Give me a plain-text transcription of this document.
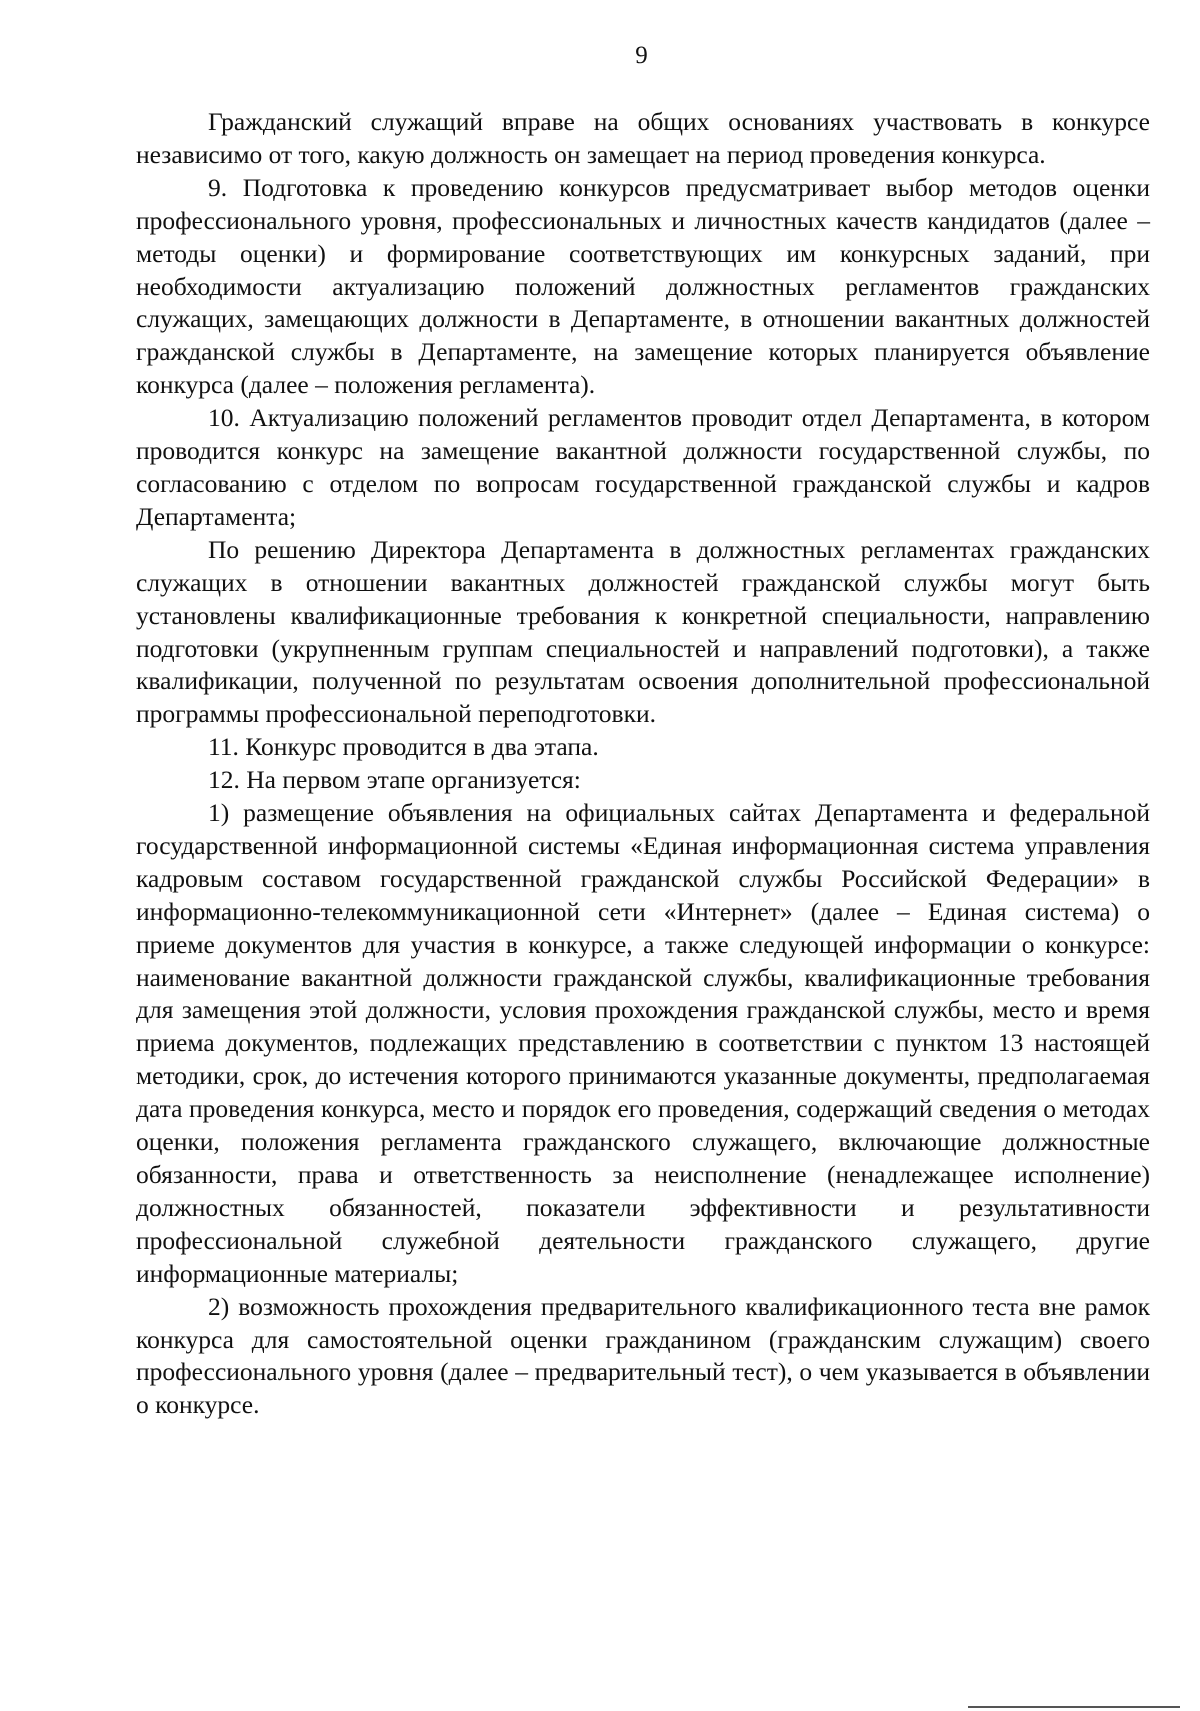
9

Гражданский служащий вправе на общих основаниях участвовать в конкурсе независимо от того, какую должность он замещает на период проведения конкурса.

9. Подготовка к проведению конкурсов предусматривает выбор методов оценки профессионального уровня, профессиональных и личностных качеств кандидатов (далее – методы оценки) и формирование соответствующих им конкурсных заданий, при необходимости актуализацию положений должностных регламентов гражданских служащих, замещающих должности в Департаменте, в отношении вакантных должностей гражданской службы в Департаменте, на замещение которых планируется объявление конкурса (далее – положения регламента).

10. Актуализацию положений регламентов проводит отдел Департамента, в котором проводится конкурс на замещение вакантной должности государственной службы, по согласованию с отделом по вопросам государственной гражданской службы и кадров Департамента;

По решению Директора Департамента в должностных регламентах гражданских служащих в отношении вакантных должностей гражданской службы могут быть установлены квалификационные требования к конкретной специальности, направлению подготовки (укрупненным группам специальностей и направлений подготовки), а также квалификации, полученной по результатам освоения дополнительной профессиональной программы профессиональной переподготовки.

11. Конкурс проводится в два этапа.

12. На первом этапе организуется:

1) размещение объявления на официальных сайтах Департамента и федеральной государственной информационной системы «Единая информационная система управления кадровым составом государственной гражданской службы Российской Федерации» в информационно-телекоммуникационной сети «Интернет» (далее – Единая система) о приеме документов для участия в конкурсе, а также следующей информации о конкурсе: наименование вакантной должности гражданской службы, квалификационные требования для замещения этой должности, условия прохождения гражданской службы, место и время приема документов, подлежащих представлению в соответствии с пунктом 13 настоящей методики, срок, до истечения которого принимаются указанные документы, предполагаемая дата проведения конкурса, место и порядок его проведения, содержащий сведения о методах оценки, положения регламента гражданского служащего, включающие должностные обязанности, права и ответственность за неисполнение (ненадлежащее исполнение) должностных обязанностей, показатели эффективности и результативности профессиональной служебной деятельности гражданского служащего, другие информационные материалы;

2) возможность прохождения предварительного квалификационного теста вне рамок конкурса для самостоятельной оценки гражданином (гражданским служащим) своего профессионального уровня (далее – предварительный тест), о чем указывается в объявлении о конкурсе.
